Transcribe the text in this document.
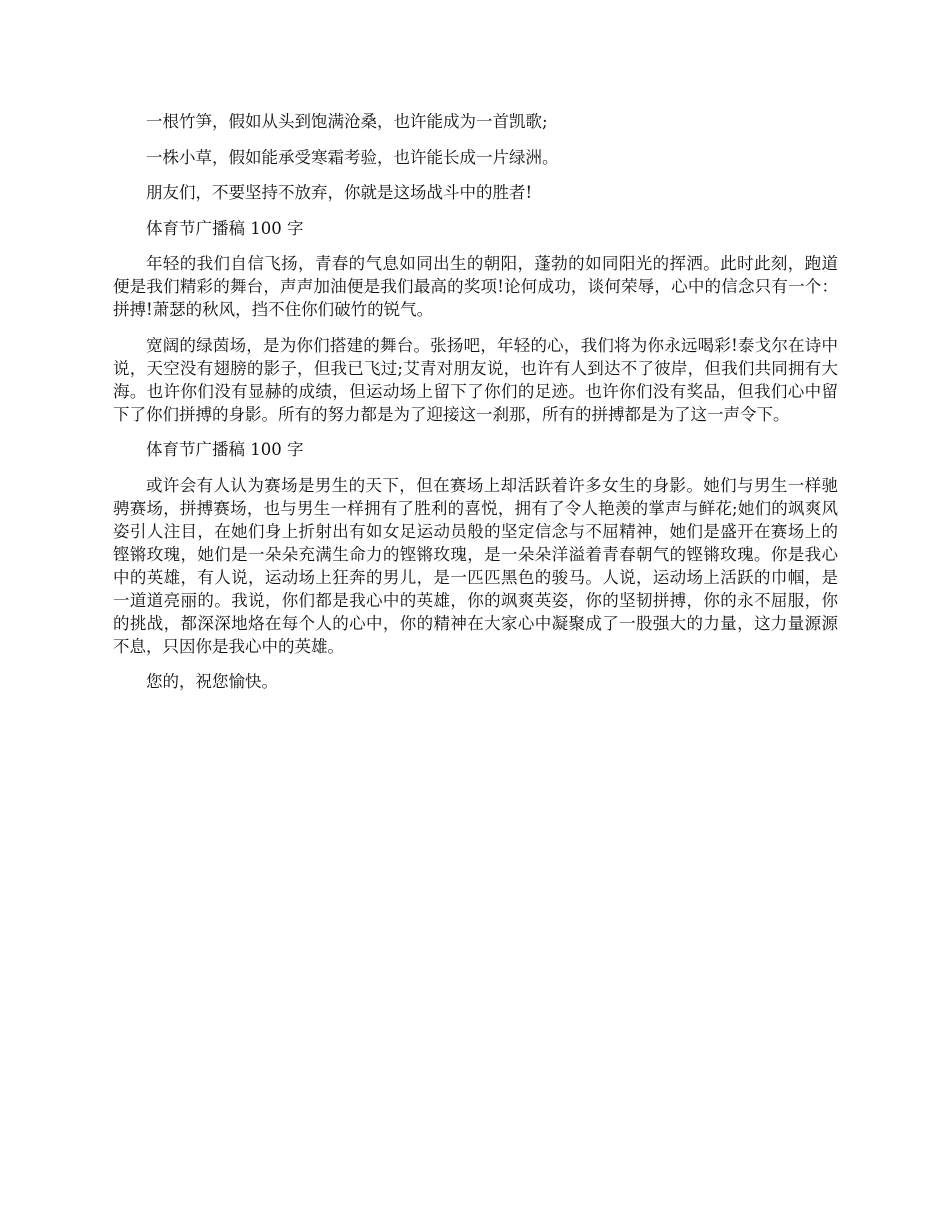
一根竹笋，假如从头到饱满沧桑，也许能成为一首凯歌;

一株小草，假如能承受寒霜考验，也许能长成一片绿洲。

朋友们，不要坚持不放弃，你就是这场战斗中的胜者!

体育节广播稿 100 字

年轻的我们自信飞扬，青春的气息如同出生的朝阳，蓬勃的如同阳光的挥洒。此时此刻，跑道便是我们精彩的舞台，声声加油便是我们最高的奖项!论何成功，谈何荣辱，心中的信念只有一个：拼搏!萧瑟的秋风，挡不住你们破竹的锐气。

宽阔的绿茵场，是为你们搭建的舞台。张扬吧，年轻的心，我们将为你永远喝彩!泰戈尔在诗中说，天空没有翅膀的影子，但我已飞过;艾青对朋友说，也许有人到达不了彼岸，但我们共同拥有大海。也许你们没有显赫的成绩，但运动场上留下了你们的足迹。也许你们没有奖品，但我们心中留下了你们拼搏的身影。所有的努力都是为了迎接这一刹那，所有的拼搏都是为了这一声令下。

体育节广播稿 100 字

或许会有人认为赛场是男生的天下，但在赛场上却活跃着许多女生的身影。她们与男生一样驰骋赛场，拼搏赛场，也与男生一样拥有了胜利的喜悦，拥有了令人艳羡的掌声与鲜花;她们的飒爽风姿引人注目，在她们身上折射出有如女足运动员般的坚定信念与不屈精神，她们是盛开在赛场上的铿锵玫瑰，她们是一朵朵充满生命力的铿锵玫瑰，是一朵朵洋溢着青春朝气的铿锵玫瑰。你是我心中的英雄，有人说，运动场上狂奔的男儿，是一匹匹黑色的骏马。人说，运动场上活跃的巾帼，是一道道亮丽的。我说，你们都是我心中的英雄，你的飒爽英姿，你的坚韧拼搏，你的永不屈服，你的挑战，都深深地烙在每个人的心中，你的精神在大家心中凝聚成了一股强大的力量，这力量源源不息，只因你是我心中的英雄。

您的，祝您愉快。
